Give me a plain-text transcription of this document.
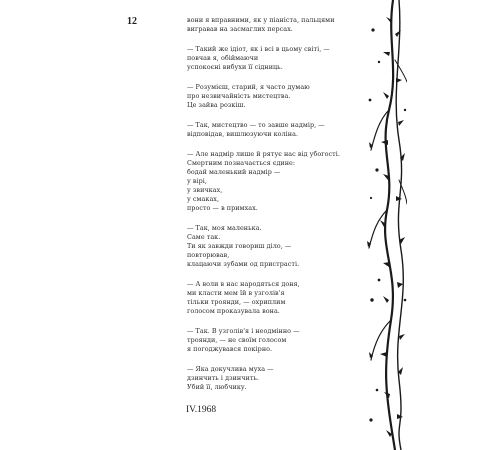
12	вони я вправними, як у піаніста, пальцями
вигравав на засмаглих персах.
— Такий же ідіот, як і всі в цьому світі, —
повчав я, обіймаючи
успокоєні вибухи її сідниць.
— Розумієш, старий, я часто думаю
про незвичайність мистецтва.
Це зайва розкіш.
— Так, мистецтво — то завше надмір, —
відповідав, вишлюзуючи коліна.
— Але надмір лише й рятує нас від убогості.
Смертним позначається єдине:
бодай маленький надмір —
у вірі,
у звичках,
у смаках,
просто — в примхах.
— Так, моя маленька.
Саме так.
Ти як завжди говориш діло, —
повторював,
клацаючи зубами од пристрасті.
— А воли в нас народяться доня,
ми класти мем їй в узголів'я
тільки троянди, — охриплим
голосом проказувала вона.
— Так. В узголів'я і неодмінно —
троянди, — не своїм голосом
я погоджувався покірно.
— Яка докучлива муха —
дзинчить і дзинчить.
Убий її, любчику.
IV.1968
